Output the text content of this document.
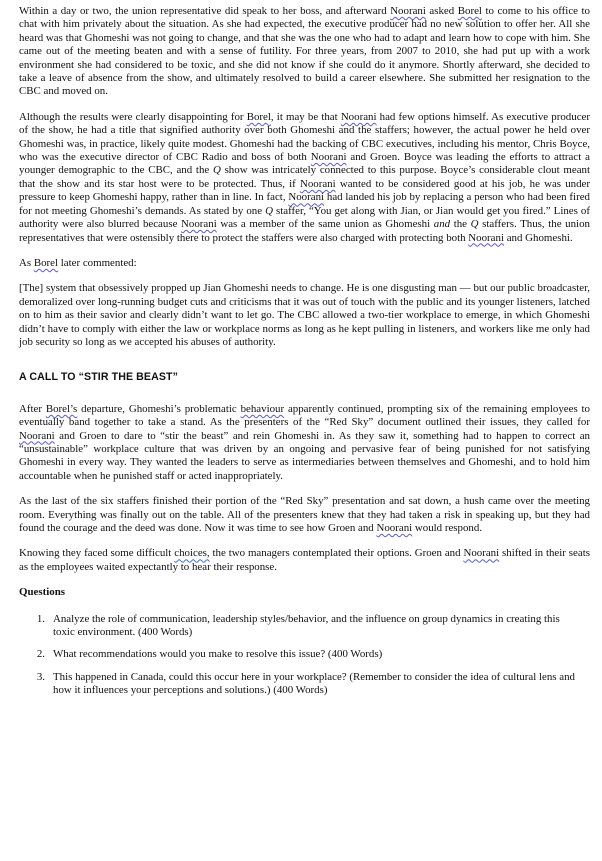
Within a day or two, the union representative did speak to her boss, and afterward Noorani asked Borel to come to his office to chat with him privately about the situation. As she had expected, the executive producer had no new solution to offer her. All she heard was that Ghomeshi was not going to change, and that she was the one who had to adapt and learn how to cope with him. She came out of the meeting beaten and with a sense of futility. For three years, from 2007 to 2010, she had put up with a work environment she had considered to be toxic, and she did not know if she could do it anymore. Shortly afterward, she decided to take a leave of absence from the show, and ultimately resolved to build a career elsewhere. She submitted her resignation to the CBC and moved on.

Although the results were clearly disappointing for Borel, it may be that Noorani had few options himself. As executive producer of the show, he had a title that signified authority over both Ghomeshi and the staffers; however, the actual power he held over Ghomeshi was, in practice, likely quite modest. Ghomeshi had the backing of CBC executives, including his mentor, Chris Boyce, who was the executive director of CBC Radio and boss of both Noorani and Groen. Boyce was leading the efforts to attract a younger demographic to the CBC, and the Q show was intricately connected to this purpose. Boyce’s considerable clout meant that the show and its star host were to be protected. Thus, if Noorani wanted to be considered good at his job, he was under pressure to keep Ghomeshi happy, rather than in line. In fact, Noorani had landed his job by replacing a person who had been fired for not meeting Ghomeshi’s demands. As stated by one Q staffer, “You get along with Jian, or Jian would get you fired.” Lines of authority were also blurred because Noorani was a member of the same union as Ghomeshi and the Q staffers. Thus, the union representatives that were ostensibly there to protect the staffers were also charged with protecting both Noorani and Ghomeshi.

As Borel later commented:

[The] system that obsessively propped up Jian Ghomeshi needs to change. He is one disgusting man — but our public broadcaster, demoralized over long-running budget cuts and criticisms that it was out of touch with the public and its younger listeners, latched on to him as their savior and clearly didn’t want to let go. The CBC allowed a two-tier workplace to emerge, in which Ghomeshi didn’t have to comply with either the law or workplace norms as long as he kept pulling in listeners, and workers like me only had job security so long as we accepted his abuses of authority.

A CALL TO “STIR THE BEAST”

After Borel’s departure, Ghomeshi’s problematic behaviour apparently continued, prompting six of the remaining employees to eventually band together to take a stand. As the presenters of the “Red Sky” document outlined their issues, they called for Noorani and Groen to dare to “stir the beast” and rein Ghomeshi in. As they saw it, something had to happen to correct an “unsustainable” workplace culture that was driven by an ongoing and pervasive fear of being punished for not satisfying Ghomeshi in every way. They wanted the leaders to serve as intermediaries between themselves and Ghomeshi, and to hold him accountable when he punished staff or acted inappropriately.

As the last of the six staffers finished their portion of the “Red Sky” presentation and sat down, a hush came over the meeting room. Everything was finally out on the table. All of the presenters knew that they had taken a risk in speaking up, but they had found the courage and the deed was done. Now it was time to see how Groen and Noorani would respond.

Knowing they faced some difficult choices, the two managers contemplated their options. Groen and Noorani shifted in their seats as the employees waited expectantly to hear their response.

Questions
1. Analyze the role of communication, leadership styles/behavior, and the influence on group dynamics in creating this toxic environment. (400 Words)
2. What recommendations would you make to resolve this issue? (400 Words)
3. This happened in Canada, could this occur here in your workplace? (Remember to consider the idea of cultural lens and how it influences your perceptions and solutions.) (400 Words)
